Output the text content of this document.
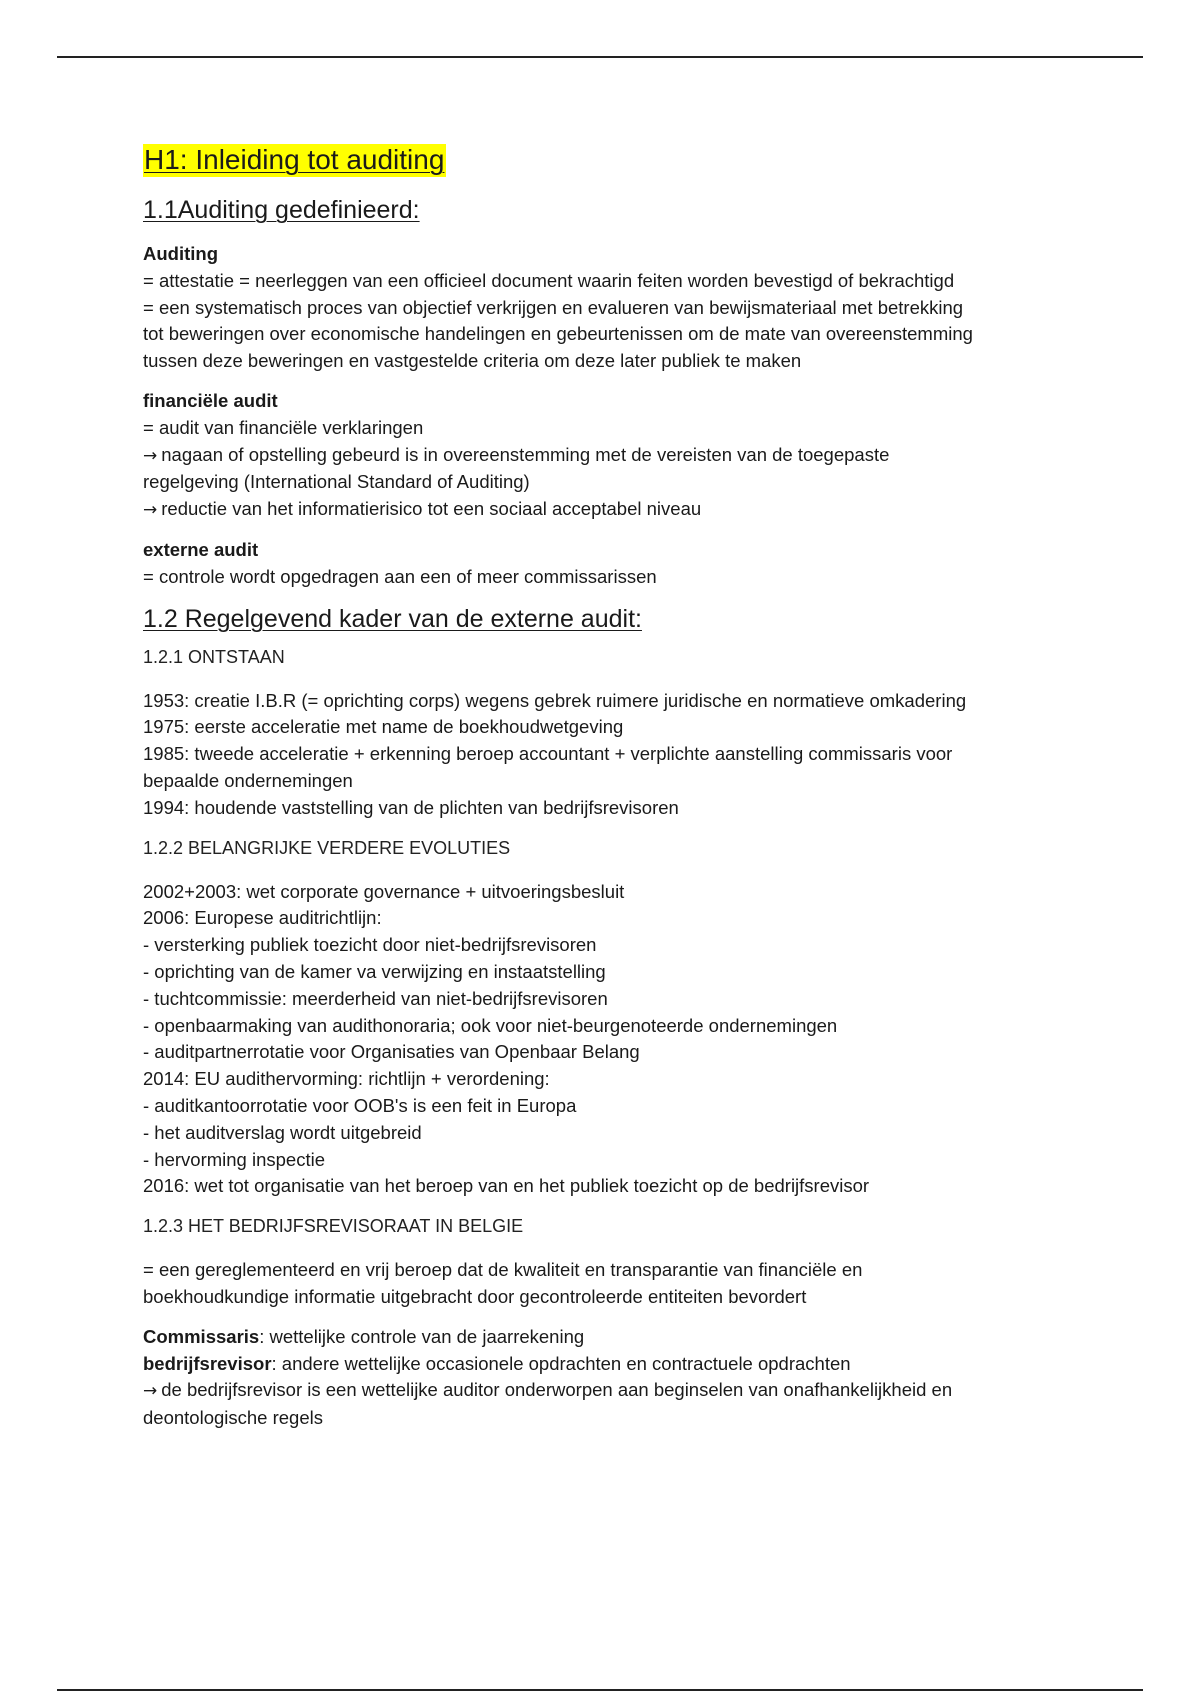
H1: Inleiding tot auditing
1.1Auditing gedefinieerd:
Auditing
= attestatie = neerleggen van een officieel document waarin feiten worden bevestigd of bekrachtigd
= een systematisch proces van objectief verkrijgen en evalueren van bewijsmateriaal met betrekking
tot beweringen over economische handelingen en gebeurtenissen om de mate van overeenstemming
tussen deze beweringen en vastgestelde criteria om deze later publiek te maken
financiële audit
= audit van financiële verklaringen
→ nagaan of opstelling gebeurd is in overeenstemming met de vereisten van de toegepaste
regelgeving (International Standard of Auditing)
→ reductie van het informatierisico tot een sociaal acceptabel niveau
externe audit
= controle wordt opgedragen aan een of meer commissarissen
1.2 Regelgevend kader van de externe audit:
1.2.1 ONTSTAAN
1953: creatie I.B.R (= oprichting corps) wegens gebrek ruimere juridische en normatieve omkadering
1975: eerste acceleratie met name de boekhoudwetgeving
1985: tweede acceleratie + erkenning beroep accountant + verplichte aanstelling commissaris voor
bepaalde ondernemingen
1994: houdende vaststelling van de plichten van bedrijfsrevisoren
1.2.2 BELANGRIJKE VERDERE EVOLUTIES
2002+2003: wet corporate governance + uitvoeringsbesluit
2006: Europese auditrichtlijn:
- versterking publiek toezicht door niet-bedrijfsrevisoren
- oprichting van de kamer va verwijzing en instaatstelling
- tuchtcommissie: meerderheid van niet-bedrijfsrevisoren
- openbaarmaking van audithonoraria; ook voor niet-beurgenoteerde ondernemingen
- auditpartnerrotatie voor Organisaties van Openbaar Belang
2014: EU audithervorming: richtlijn + verordening:
- auditkantoorrotatie voor OOB's is een feit in Europa
- het auditverslag wordt uitgebreid
- hervorming inspectie
2016: wet tot organisatie van het beroep van en het publiek toezicht op de bedrijfsrevisor
1.2.3 HET BEDRIJFSREVISORAAT IN BELGIE
= een gereglementeerd en vrij beroep dat de kwaliteit en transparantie van financiële en
boekhoudkundige informatie uitgebracht door gecontroleerde entiteiten bevordert
Commissaris: wettelijke controle van de jaarrekening
bedrijfsrevisor: andere wettelijke occasionele opdrachten en contractuele opdrachten
→ de bedrijfsrevisor is een wettelijke auditor onderworpen aan beginselen van onafhankelijkheid en
deontologische regels
